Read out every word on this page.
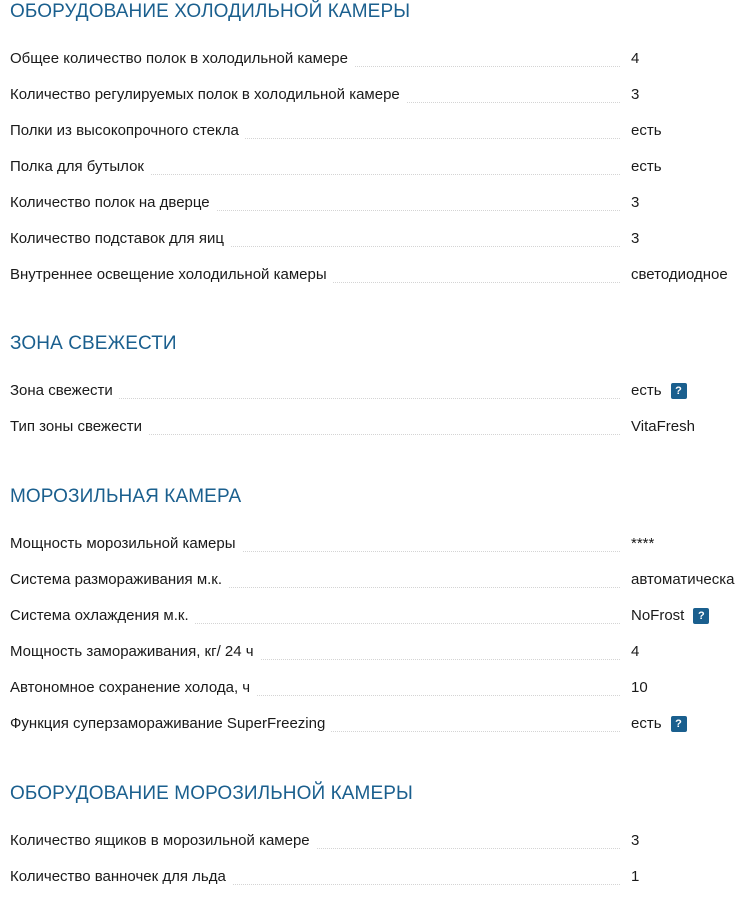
ОБОРУДОВАНИЕ ХОЛОДИЛЬНОЙ КАМЕРЫ
Общее количество полок в холодильной камере	4
Количество регулируемых полок в холодильной камере	3
Полки из высокопрочного стекла	есть
Полка для бутылок	есть
Количество полок на дверце	3
Количество подставок для яиц	3
Внутреннее освещение холодильной камеры	светодиодное
ЗОНА СВЕЖЕСТИ
Зона свежести	есть	?
Тип зоны свежести	VitaFresh
МОРОЗИЛЬНАЯ КАМЕРА
Мощность морозильной камеры	****
Система размораживания м.к.	автоматическа
Система охлаждения м.к.	NoFrost	?
Мощность замораживания, кг/ 24 ч	4
Автономное сохранение холода, ч	10
Функция суперзамораживание SuperFreezing	есть	?
ОБОРУДОВАНИЕ МОРОЗИЛЬНОЙ КАМЕРЫ
Количество ящиков в морозильной камере	3
Количество ванночек для льда	1
